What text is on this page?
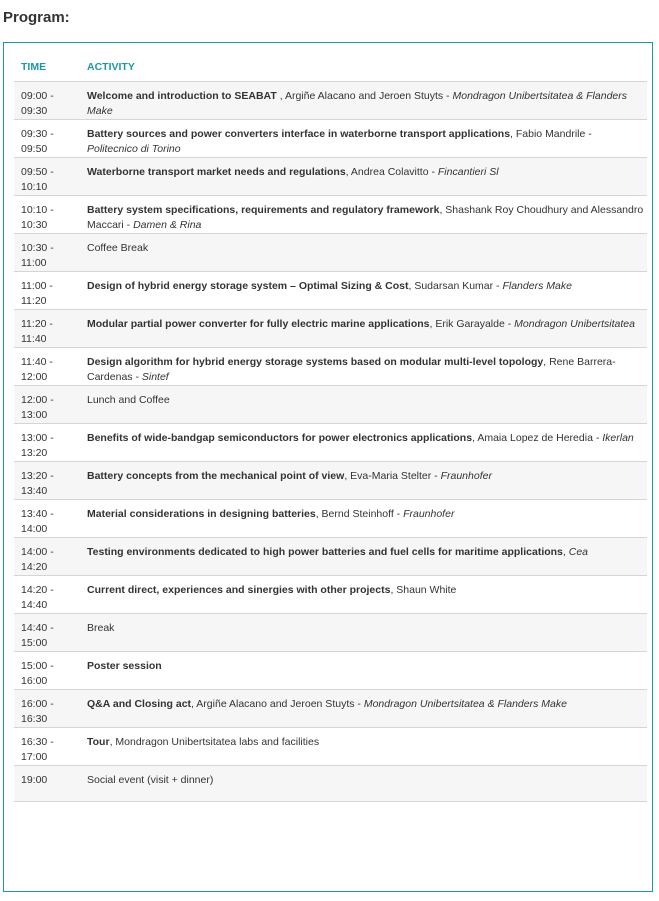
Program:
TIME	ACTIVITY
09:00 - 09:30	Welcome and introduction to SEABAT , Argiñe Alacano and Jeroen Stuyts - Mondragon Unibertsitatea & Flanders Make
09:30 - 09:50	Battery sources and power converters interface in waterborne transport applications, Fabio Mandrile - Politecnico di Torino
09:50 - 10:10	Waterborne transport market needs and regulations, Andrea Colavitto - Fincantieri Sl
10:10 - 10:30	Battery system specifications, requirements and regulatory framework, Shashank Roy Choudhury and Alessandro Maccari - Damen & Rina
10:30 - 11:00	Coffee Break
11:00 - 11:20	Design of hybrid energy storage system – Optimal Sizing & Cost, Sudarsan Kumar - Flanders Make
11:20 - 11:40	Modular partial power converter for fully electric marine applications, Erik Garayalde - Mondragon Unibertsitatea
11:40 - 12:00	Design algorithm for hybrid energy storage systems based on modular multi-level topology, Rene Barrera-Cardenas - Sintef
12:00 - 13:00	Lunch and Coffee
13:00 - 13:20	Benefits of wide-bandgap semiconductors for power electronics applications, Amaia Lopez de Heredia - Ikerlan
13:20 - 13:40	Battery concepts from the mechanical point of view, Eva-Maria Stelter - Fraunhofer
13:40 - 14:00	Material considerations in designing batteries, Bernd Steinhoff - Fraunhofer
14:00 - 14:20	Testing environments dedicated to high power batteries and fuel cells for maritime applications, Cea
14:20 - 14:40	Current direct, experiences and sinergies with other projects, Shaun White
14:40 - 15:00	Break
15:00 - 16:00	Poster session
16:00 - 16:30	Q&A and Closing act, Argiñe Alacano and Jeroen Stuyts - Mondragon Unibertsitatea & Flanders Make
16:30 - 17:00	Tour, Mondragon Unibertsitatea labs and facilities
19:00	Social event (visit + dinner)
